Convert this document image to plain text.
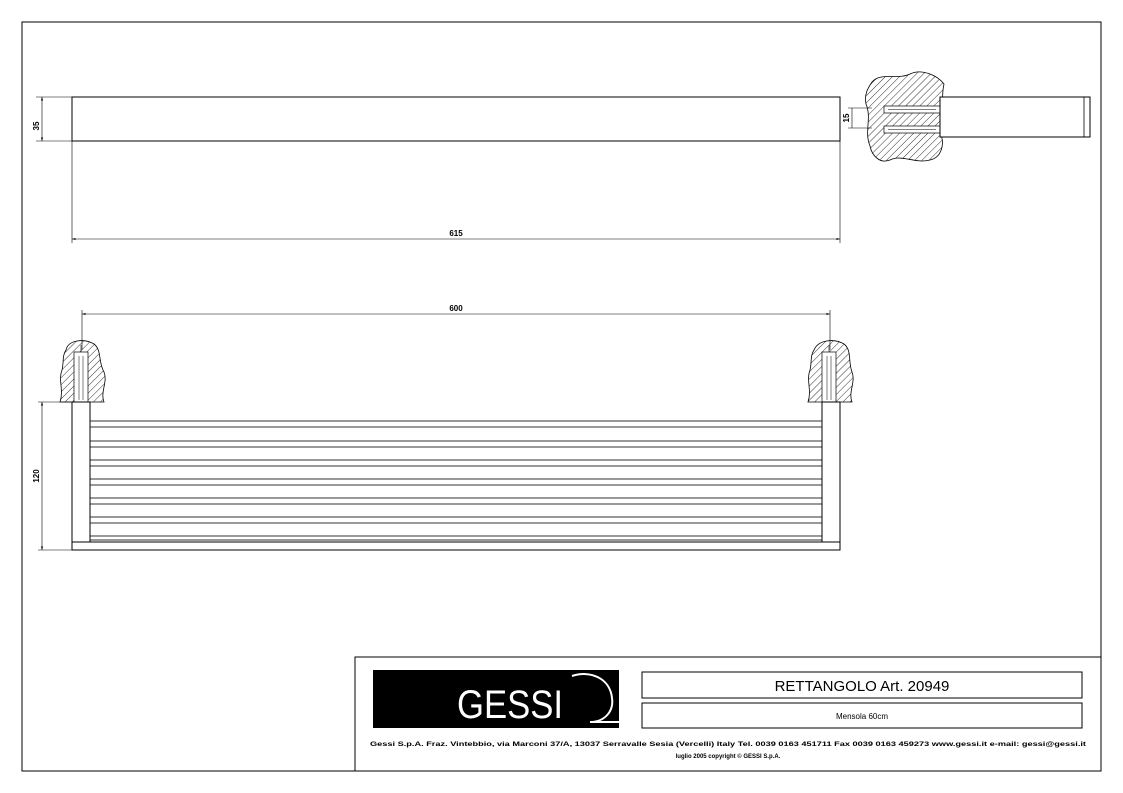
35
615
15
600
120
GESSI	RETTANGOLO Art. 20949
Mensola 60cm
Gessi S.p.A. Fraz. Vintebbio, via Marconi 37/A, 13037 Serravalle Sesia (Vercelli) Italy Tel. 0039 0163 451711 Fax 0039 0163 459273 www.gessi.it e-mail: gessi@gessi.it
luglio 2005 copyright © GESSI S.p.A.
